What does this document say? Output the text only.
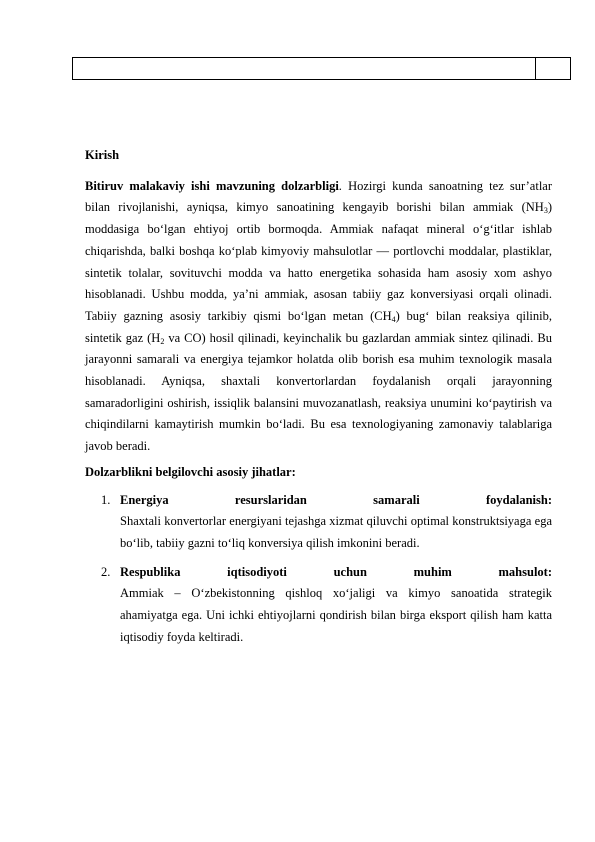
Kirish

Bitiruv malakaviy ishi mavzuning dolzarbligi. Hozirgi kunda sanoatning tez sur’atlar bilan rivojlanishi, ayniqsa, kimyo sanoatining kengayib borishi bilan ammiak $(NH_3)$ moddasiga bo‘lgan ehtiyoj ortib bormoqda. Ammiak nafaqat mineral o‘g‘itlar ishlab chiqarishda, balki boshqa ko‘plab kimyoviy mahsulotlar — portlovchi moddalar, plastiklar, sintetik tolalar, sovituvchi modda va hatto energetika sohasida ham asosiy xom ashyo hisoblanadi. Ushbu modda, ya’ni ammiak, asosan tabiiy gaz konversiyasi orqali olinadi. Tabiiy gazning asosiy tarkibiy qismi bo‘lgan metan $(CH_4)$ bug‘ bilan reaksiya qilinib, sintetik gaz ($H_2$ va CO) hosil qilinadi, keyinchalik bu gazlardan ammiak sintez qilinadi. Bu jarayonni samarali va energiya tejamkor holatda olib borish esa muhim texnologik masala hisoblanadi. Ayniqsa, shaxtali konvertorlardan foydalanish orqali jarayonning samaradorligini oshirish, issiqlik balansini muvozanatlash, reaksiya unumini ko‘paytirish va chiqindilarni kamaytirish mumkin bo‘ladi. Bu esa texnologiyaning zamonaviy talablariga javob beradi.

Dolzarblikni belgilovchi asosiy jihatlar:
1. Energiya	resurslaridan	samarali	foydalanish:
Shaxtali konvertorlar energiyani tejashga xizmat qiluvchi optimal konstruktsiyaga ega bo‘lib, tabiiy gazni to‘liq konversiya qilish imkonini beradi.
2. Respublika	iqtisodiyoti	uchun	muhim	mahsulot:
Ammiak – O‘zbekistonning qishloq xo‘jaligi va kimyo sanoatida strategik ahamiyatga ega. Uni ichki ehtiyojlarni qondirish bilan birga eksport qilish ham katta iqtisodiy foyda keltiradi.
